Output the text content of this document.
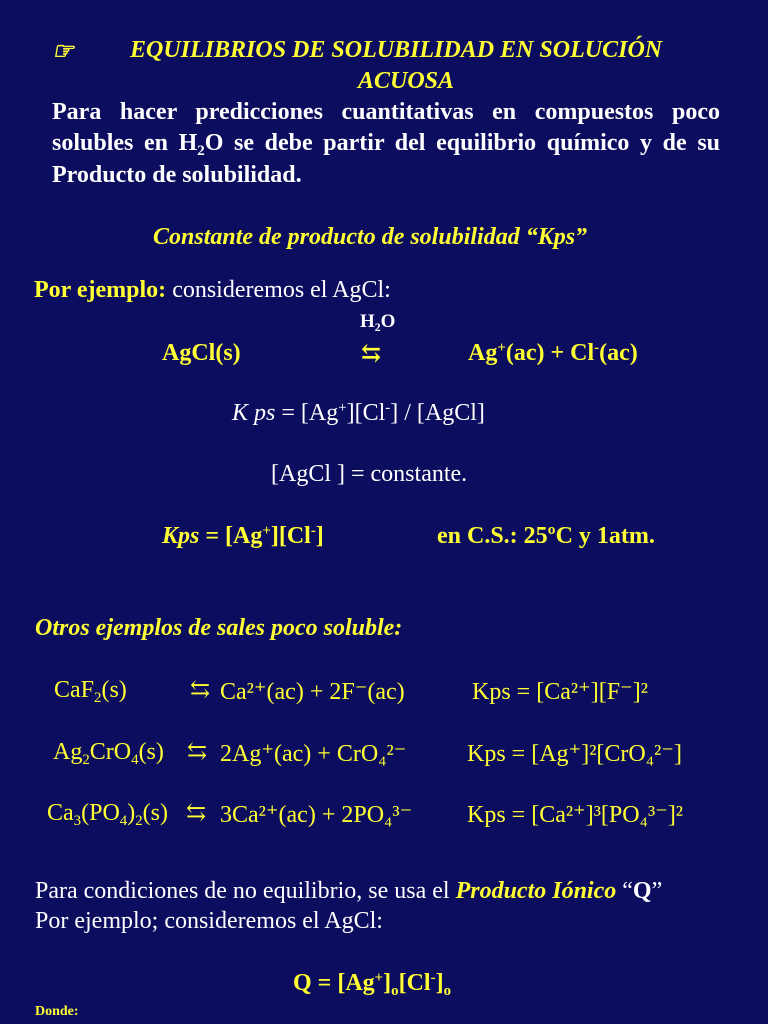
☞ EQUILIBRIOS DE SOLUBILIDAD EN SOLUCIÓN
ACUOSA
Para hacer predicciones cuantitativas en compuestos poco
solubles en $H_2O$ se debe partir del equilibrio químico y de su
Producto de solubilidad.
Constante de producto de solubilidad “Kps”
Por ejemplo: consideremos el AgCl:
$H_2O$
AgCl(s)	⇆	Ag+(ac) + Cl-(ac)
K ps = [Ag+][Cl-] / [AgCl]
[AgCl ] = constante.
Kps = [Ag+][Cl-]	en C.S.: 25ºC y 1atm.
Otros ejemplos de sales poco soluble:
CaF$_2$(s)	⇆ Ca²⁺(ac) + 2F⁻(ac)	Kps = [Ca²⁺][F⁻]²
$Ag_2CrO_4(s)$ ⇆ 2Ag⁺(ac) + CrO₄²⁻	Kps = [Ag⁺]²[CrO₄²⁻]
$Ca_3(PO_4)_2(s)$ ⇆ 3Ca²⁺(ac) + 2PO₄³⁻ Kps = [Ca²⁺]³[PO₄³⁻]²
Para condiciones de no equilibrio, se usa el Producto Iónico “Q”
Por ejemplo; consideremos el AgCl:
$Q = [Ag^+]_o[Cl^-]_o$
Donde:
